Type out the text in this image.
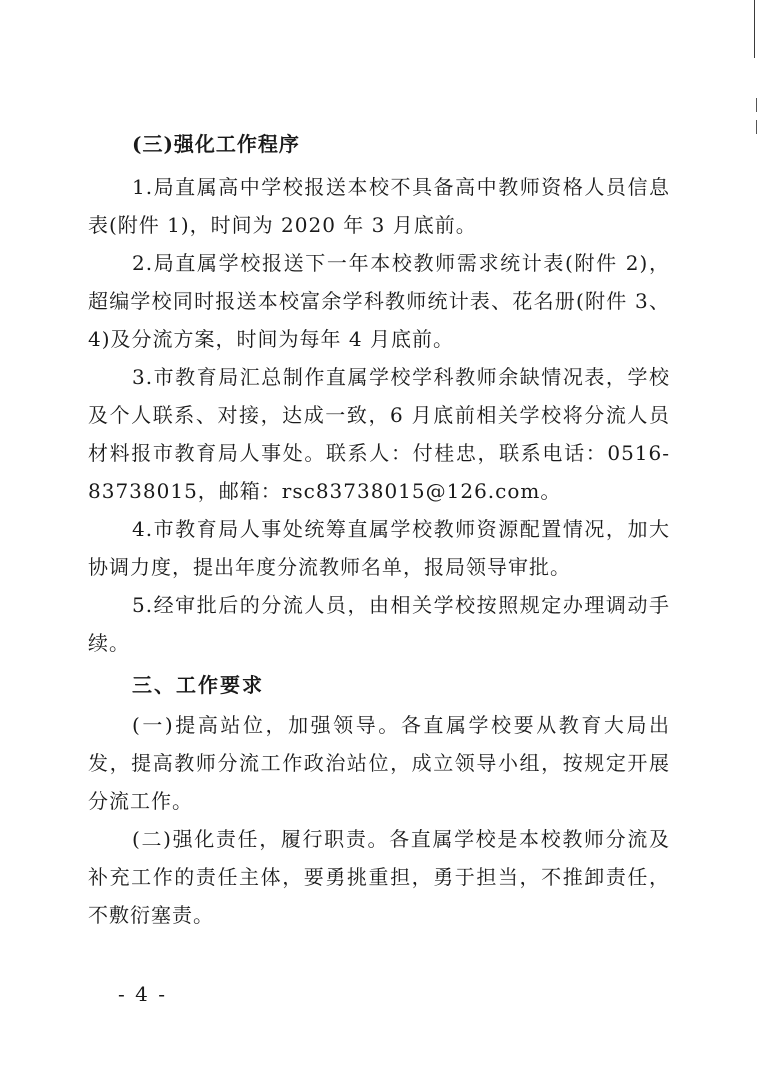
(三)强化工作程序

1.局直属高中学校报送本校不具备高中教师资格人员信息表(附件 1)，时间为 2020 年 3 月底前。

2.局直属学校报送下一年本校教师需求统计表(附件 2)，超编学校同时报送本校富余学科教师统计表、花名册(附件 3、4)及分流方案，时间为每年 4 月底前。

3.市教育局汇总制作直属学校学科教师余缺情况表，学校及个人联系、对接，达成一致，6 月底前相关学校将分流人员材料报市教育局人事处。联系人：付桂忠，联系电话：0516-83738015，邮箱：rsc83738015@126.com。

4.市教育局人事处统筹直属学校教师资源配置情况，加大协调力度，提出年度分流教师名单，报局领导审批。

5.经审批后的分流人员，由相关学校按照规定办理调动手续。

三、工作要求

(一)提高站位，加强领导。各直属学校要从教育大局出发，提高教师分流工作政治站位，成立领导小组，按规定开展分流工作。

(二)强化责任，履行职责。各直属学校是本校教师分流及补充工作的责任主体，要勇挑重担，勇于担当，不推卸责任，不敷衍塞责。

- 4 -
